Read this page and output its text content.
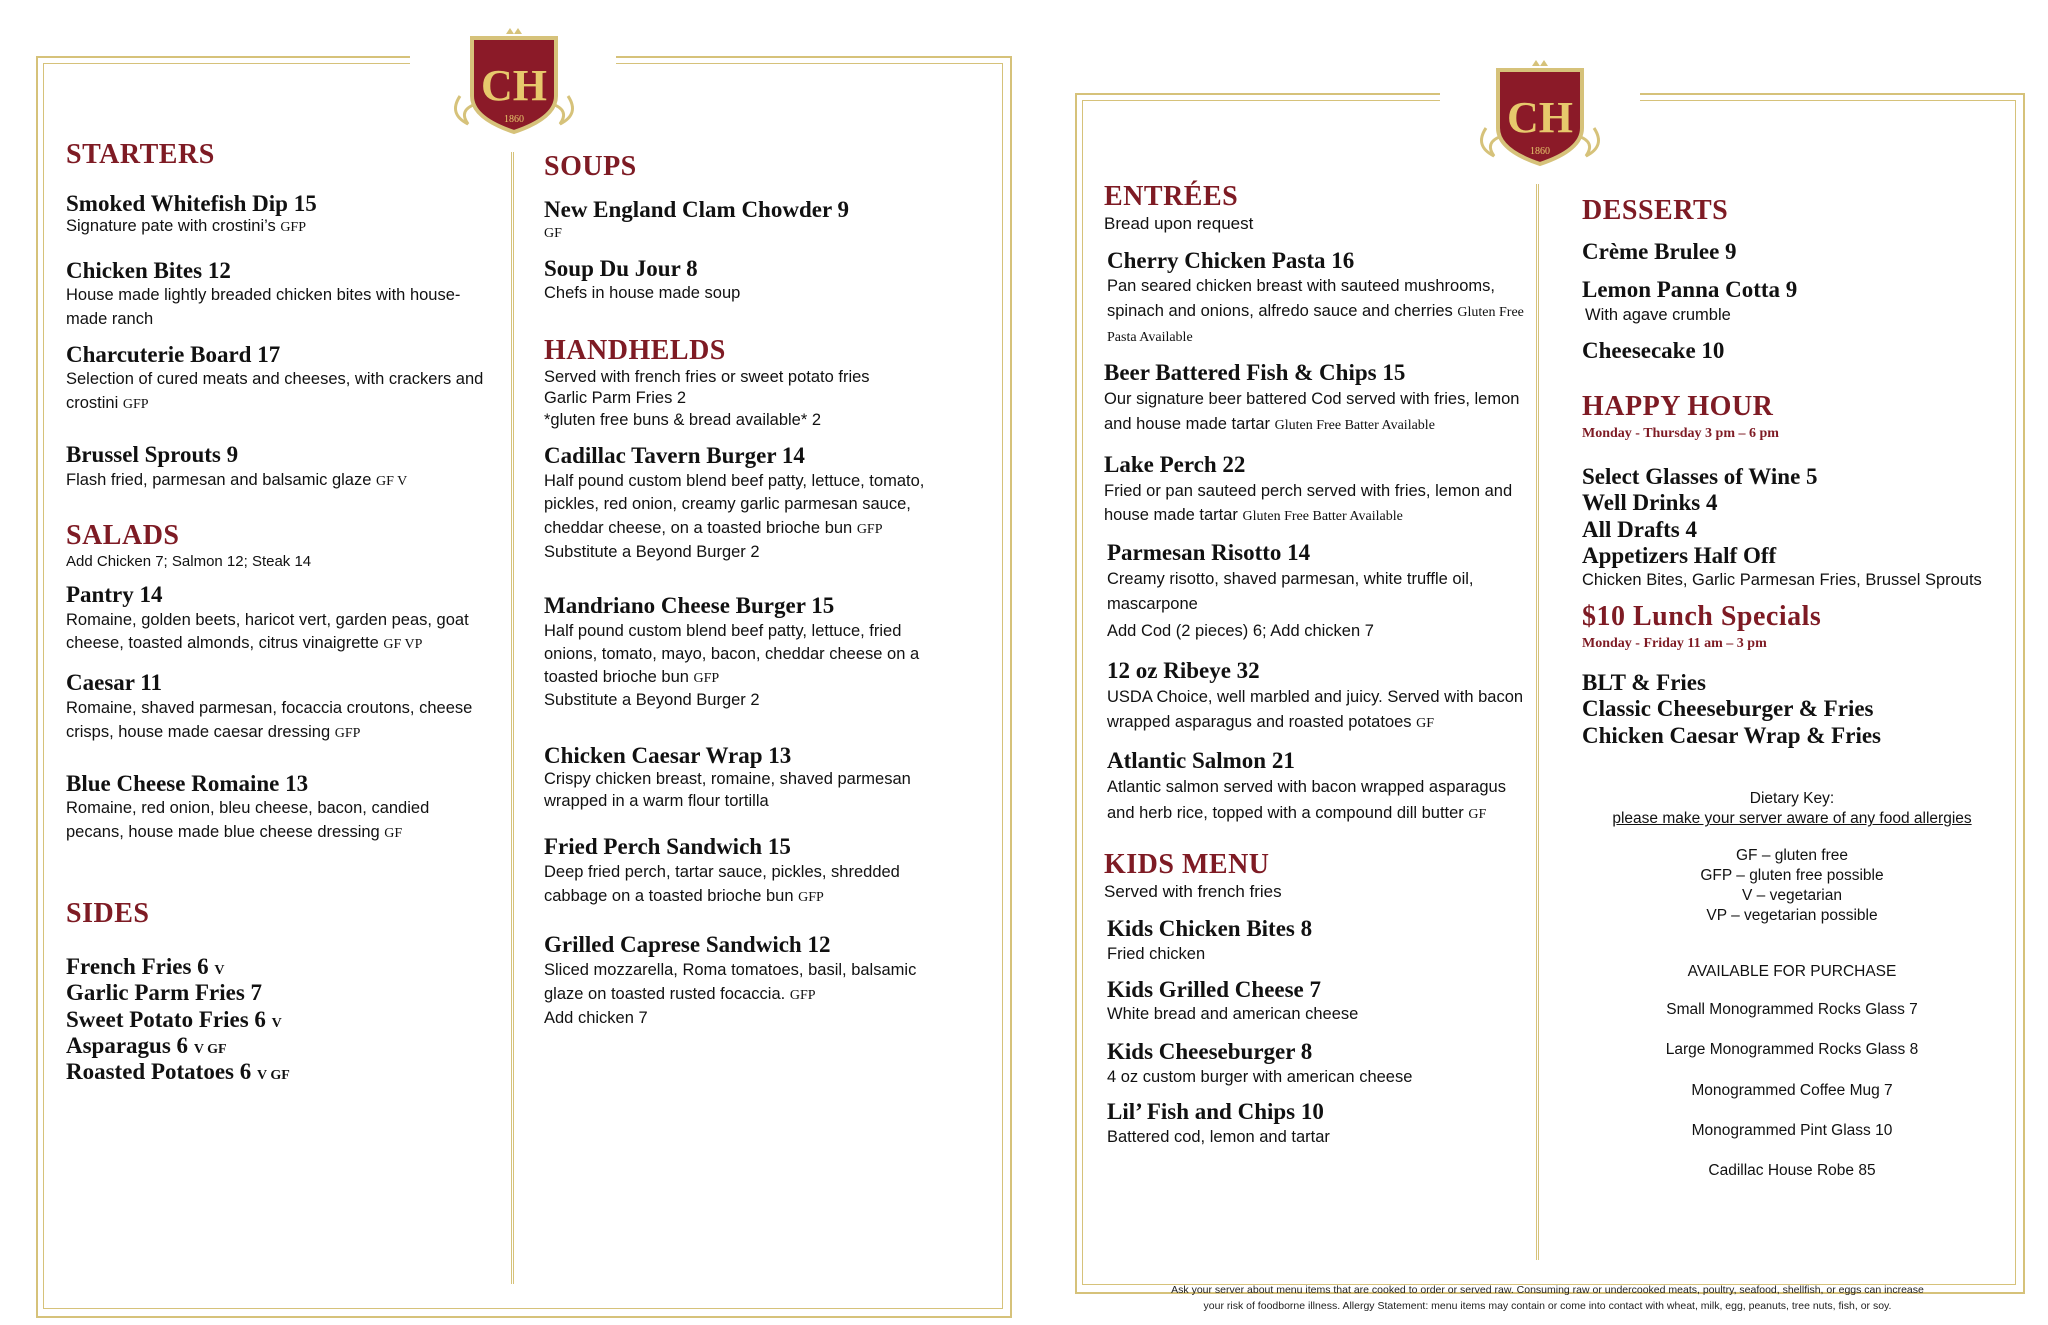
CH
1860	CH
1860
STARTERS

Smoked Whitefish Dip 15

Signature pate with crostini’s GFP

Chicken Bites 12

House made lightly breaded chicken bites with house-made ranch

Charcuterie Board 17

Selection of cured meats and cheeses, with crackers and crostini GFP

Brussel Sprouts 9

Flash fried, parmesan and balsamic glaze GF V

SALADS

Add Chicken 7; Salmon 12; Steak 14

Pantry 14

Romaine, golden beets, haricot vert, garden peas, goat cheese, toasted almonds, citrus vinaigrette GF VP

Caesar 11

Romaine, shaved parmesan, focaccia croutons, cheese crisps, house made caesar dressing GFP

Blue Cheese Romaine 13

Romaine, red onion, bleu cheese, bacon, candied pecans, house made blue cheese dressing GF

SIDES

French Fries 6 V

Garlic Parm Fries 7

Sweet Potato Fries 6 V

Asparagus 6 V GF

Roasted Potatoes 6 V GF

SOUPS

New England Clam Chowder 9

GF

Soup Du Jour 8

Chefs in house made soup

HANDHELDS

Served with french fries or sweet potato fries

Garlic Parm Fries 2

*gluten free buns & bread available* 2

Cadillac Tavern Burger 14

Half pound custom blend beef patty, lettuce, tomato, pickles, red onion, creamy garlic parmesan sauce, cheddar cheese, on a toasted brioche bun GFP

Substitute a Beyond Burger 2

Mandriano Cheese Burger 15

Half pound custom blend beef patty, lettuce, fried onions, tomato, mayo, bacon, cheddar cheese on a toasted brioche bun GFP

Substitute a Beyond Burger 2

Chicken Caesar Wrap 13

Crispy chicken breast, romaine, shaved parmesan wrapped in a warm flour tortilla

Fried Perch Sandwich 15

Deep fried perch, tartar sauce, pickles, shredded cabbage on a toasted brioche bun GFP

Grilled Caprese Sandwich 12

Sliced mozzarella, Roma tomatoes, basil, balsamic glaze on toasted rusted focaccia. GFP

Add chicken 7

ENTRÉES

Bread upon request

Cherry Chicken Pasta 16

Pan seared chicken breast with sauteed mushrooms, spinach and onions, alfredo sauce and cherries Gluten Free Pasta Available

Beer Battered Fish & Chips 15

Our signature beer battered Cod served with fries, lemon and house made tartar Gluten Free Batter Available

Lake Perch 22

Fried or pan sauteed perch served with fries, lemon and house made tartar Gluten Free Batter Available

Parmesan Risotto 14

Creamy risotto, shaved parmesan, white truffle oil, mascarpone

Add Cod (2 pieces) 6; Add chicken 7

12 oz Ribeye 32

USDA Choice, well marbled and juicy. Served with bacon wrapped asparagus and roasted potatoes GF

Atlantic Salmon 21

Atlantic salmon served with bacon wrapped asparagus and herb rice, topped with a compound dill butter GF

KIDS MENU

Served with french fries

Kids Chicken Bites 8

Fried chicken

Kids Grilled Cheese 7

White bread and american cheese

Kids Cheeseburger 8

4 oz custom burger with american cheese

Lil’ Fish and Chips 10

Battered cod, lemon and tartar

DESSERTS

Crème Brulee 9

Lemon Panna Cotta 9

With agave crumble

Cheesecake 10

HAPPY HOUR

Monday - Thursday 3 pm – 6 pm

Select Glasses of Wine 5

Well Drinks 4

All Drafts 4

Appetizers Half Off

Chicken Bites, Garlic Parmesan Fries, Brussel Sprouts

$10 Lunch Specials

Monday - Friday 11 am – 3 pm

BLT & Fries

Classic Cheeseburger & Fries

Chicken Caesar Wrap & Fries

Dietary Key:

please make your server aware of any food allergies

GF – gluten free

GFP – gluten free possible

V – vegetarian

VP – vegetarian possible

AVAILABLE FOR PURCHASE

Small Monogrammed Rocks Glass 7

Large Monogrammed Rocks Glass 8

Monogrammed Coffee Mug 7

Monogrammed Pint Glass 10

Cadillac House Robe 85

Ask your server about menu items that are cooked to order or served raw. Consuming raw or undercooked meats, poultry, seafood, shellfish, or eggs can increase
your risk of foodborne illness. Allergy Statement: menu items may contain or come into contact with wheat, milk, egg, peanuts, tree nuts, fish, or soy.
